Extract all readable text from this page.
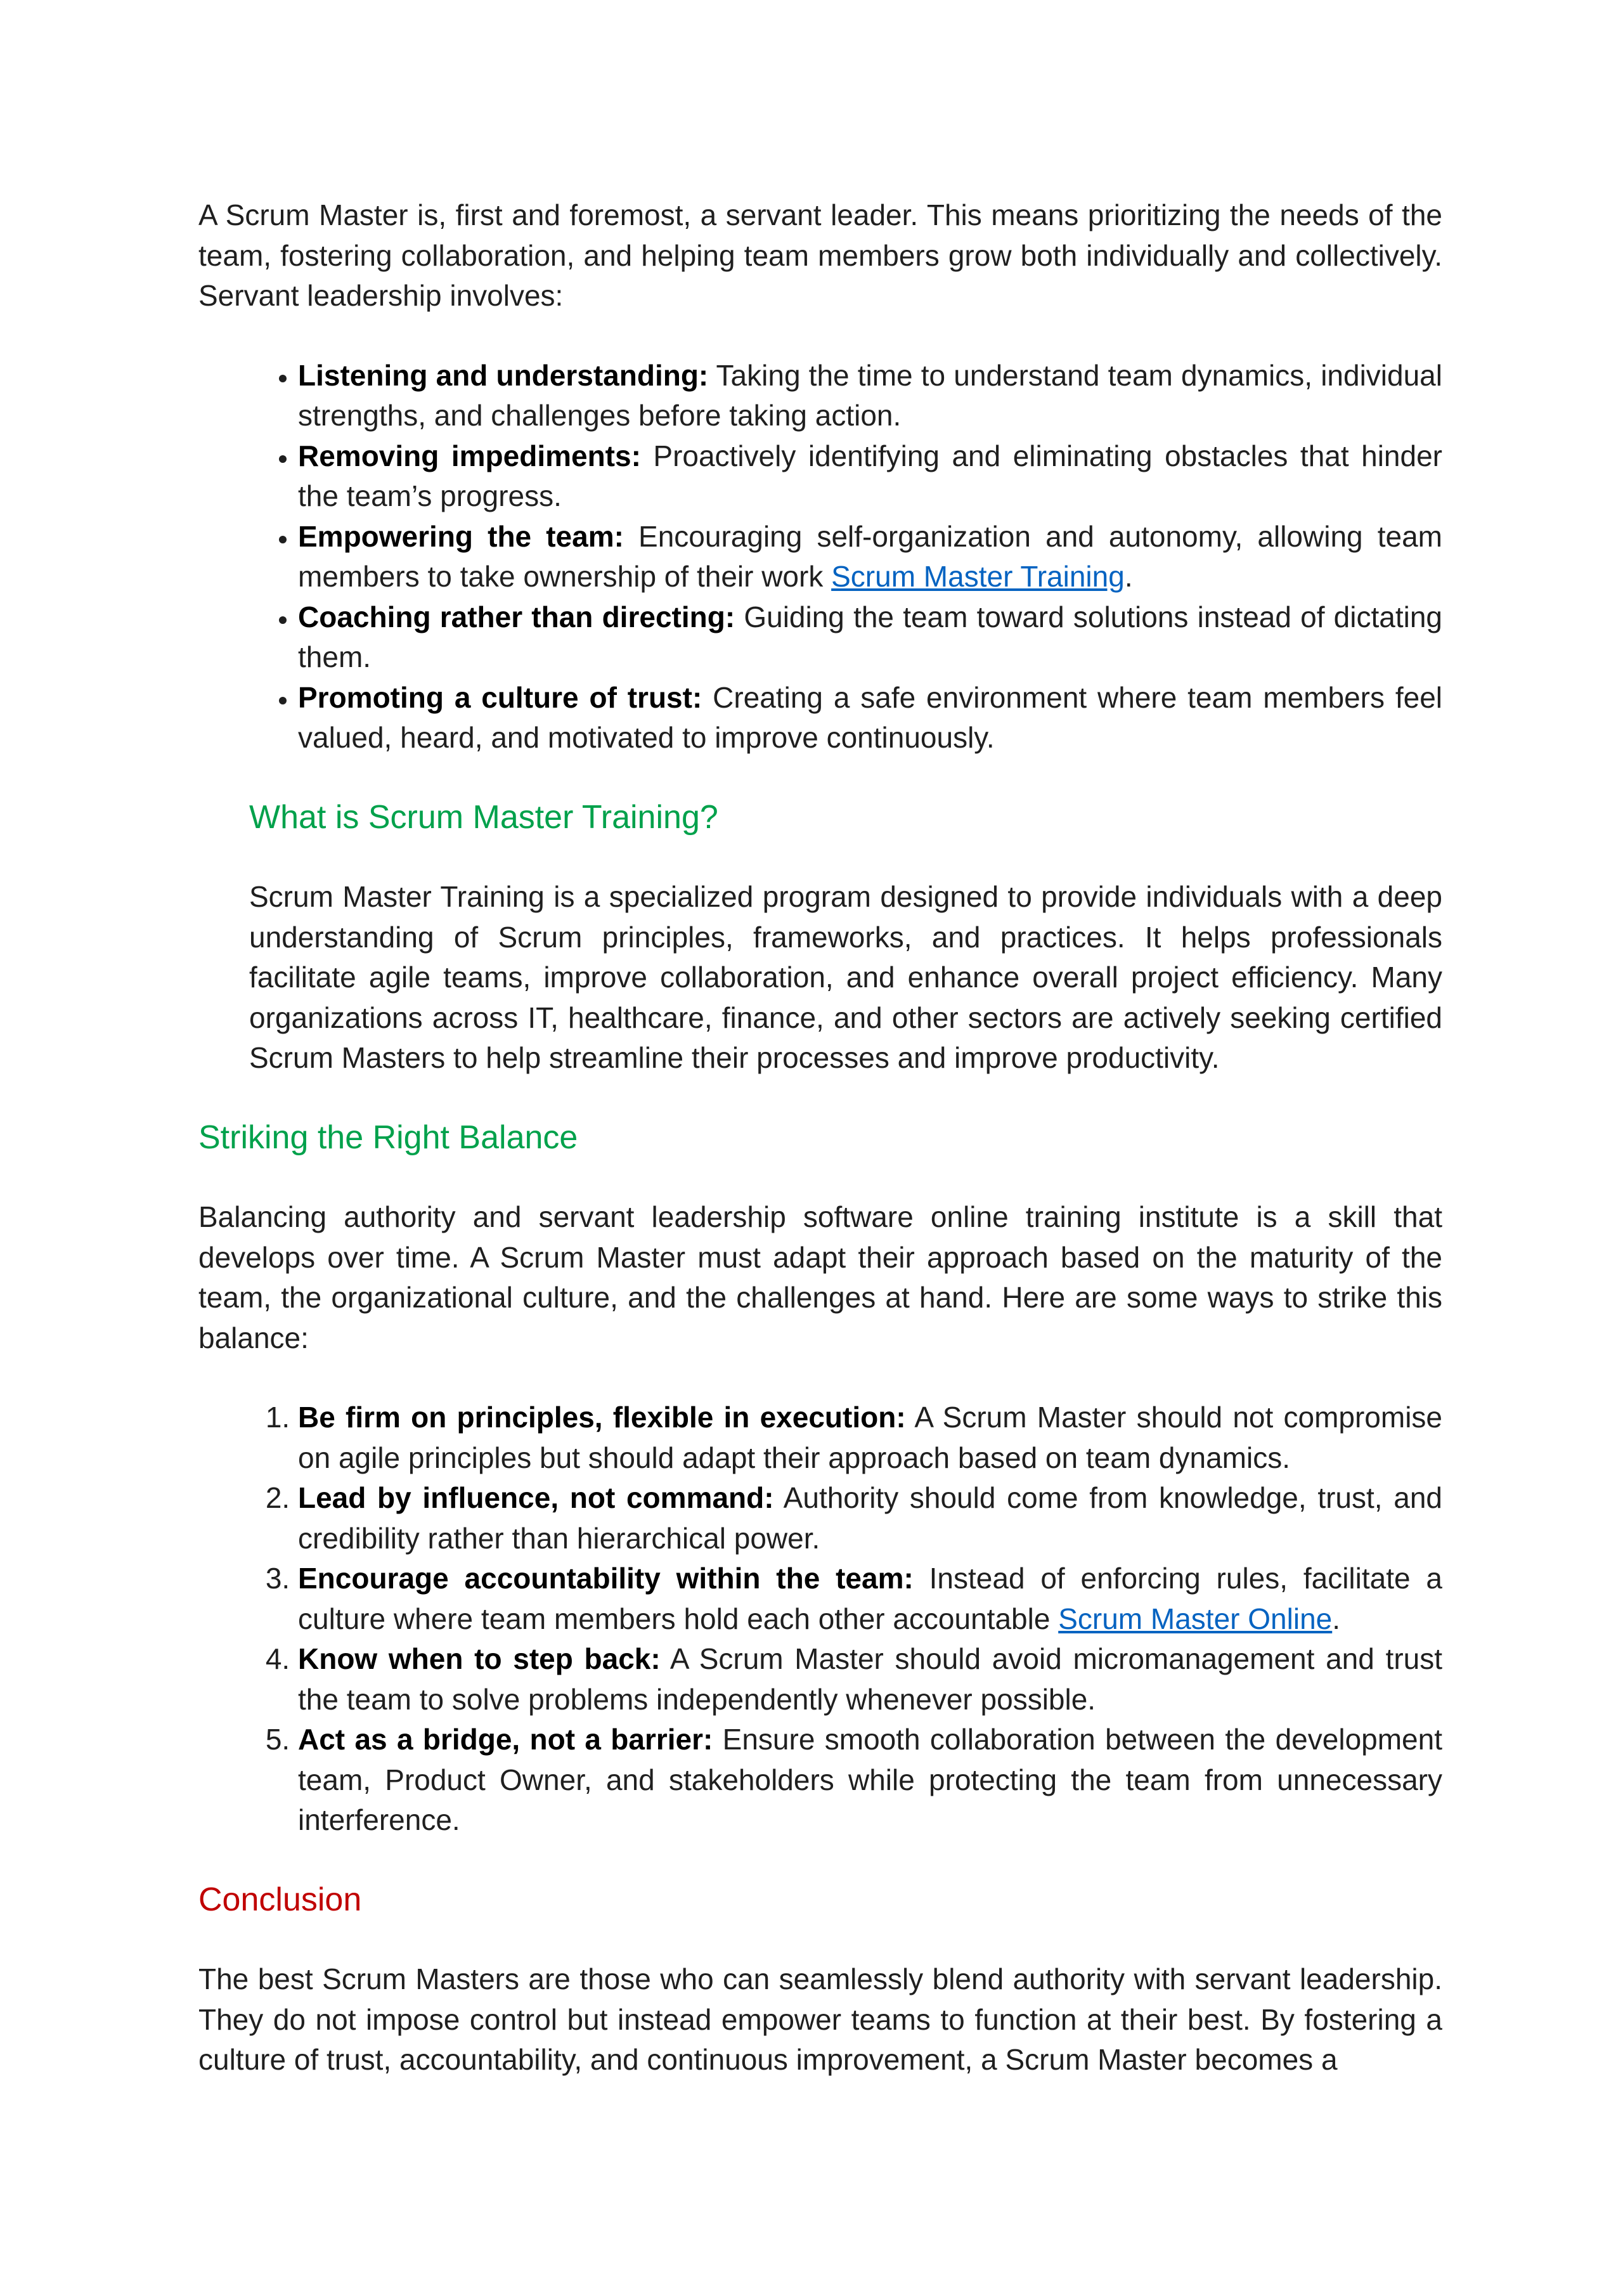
A Scrum Master is, first and foremost, a servant leader. This means prioritizing the needs of the team, fostering collaboration, and helping team members grow both individually and collectively. Servant leadership involves:

• Listening and understanding: Taking the time to understand team dynamics, individual strengths, and challenges before taking action.
• Removing impediments: Proactively identifying and eliminating obstacles that hinder the team’s progress.
• Empowering the team: Encouraging self-organization and autonomy, allowing team members to take ownership of their work Scrum Master Training.
• Coaching rather than directing: Guiding the team toward solutions instead of dictating them.
• Promoting a culture of trust: Creating a safe environment where team members feel valued, heard, and motivated to improve continuously.
What is Scrum Master Training?

Scrum Master Training is a specialized program designed to provide individuals with a deep understanding of Scrum principles, frameworks, and practices. It helps professionals facilitate agile teams, improve collaboration, and enhance overall project efficiency. Many organizations across IT, healthcare, finance, and other sectors are actively seeking certified Scrum Masters to help streamline their processes and improve productivity.

Striking the Right Balance

Balancing authority and servant leadership software online training institute is a skill that develops over time. A Scrum Master must adapt their approach based on the maturity of the team, the organizational culture, and the challenges at hand. Here are some ways to strike this balance:

1. Be firm on principles, flexible in execution: A Scrum Master should not compromise on agile principles but should adapt their approach based on team dynamics.
2. Lead by influence, not command: Authority should come from knowledge, trust, and credibility rather than hierarchical power.
3. Encourage accountability within the team: Instead of enforcing rules, facilitate a culture where team members hold each other accountable Scrum Master Online.
4. Know when to step back: A Scrum Master should avoid micromanagement and trust the team to solve problems independently whenever possible.
5. Act as a bridge, not a barrier: Ensure smooth collaboration between the development team, Product Owner, and stakeholders while protecting the team from unnecessary interference.
Conclusion

The best Scrum Masters are those who can seamlessly blend authority with servant leadership. They do not impose control but instead empower teams to function at their best. By fostering a culture of trust, accountability, and continuous improvement, a Scrum Master becomes a
